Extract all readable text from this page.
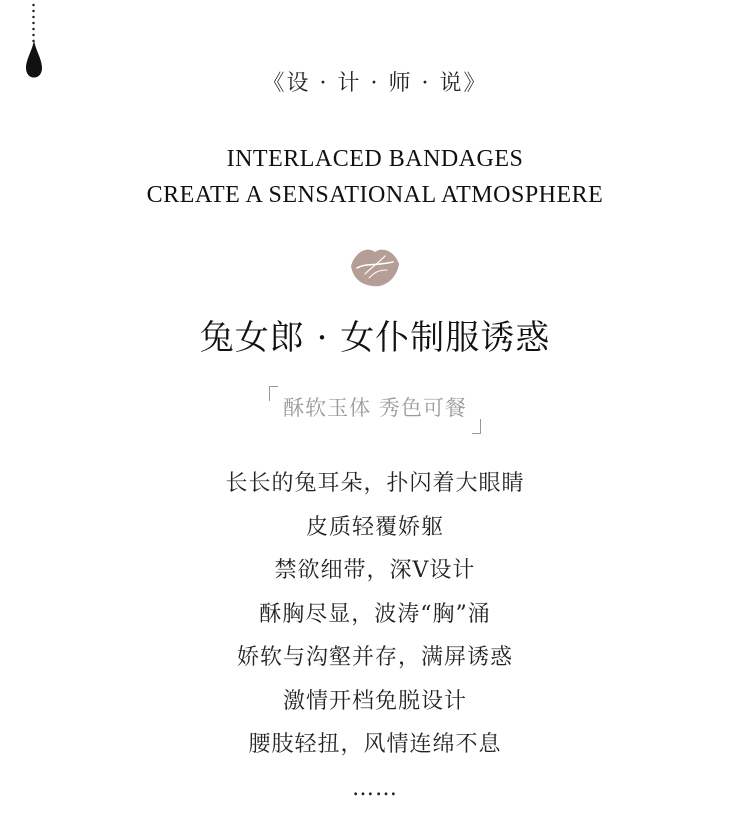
《设 · 计 · 师 · 说》
INTERLACED BANDAGES
CREATE A SENSATIONAL ATMOSPHERE
兔女郎 · 女仆制服诱惑
酥软玉体 秀色可餐
长长的兔耳朵，扑闪着大眼睛
皮质轻覆娇躯
禁欲细带，深V设计
酥胸尽显，波涛“胸”涌
娇软与沟壑并存，满屏诱惑
激情开档免脱设计
腰肢轻扭，风情连绵不息
……
